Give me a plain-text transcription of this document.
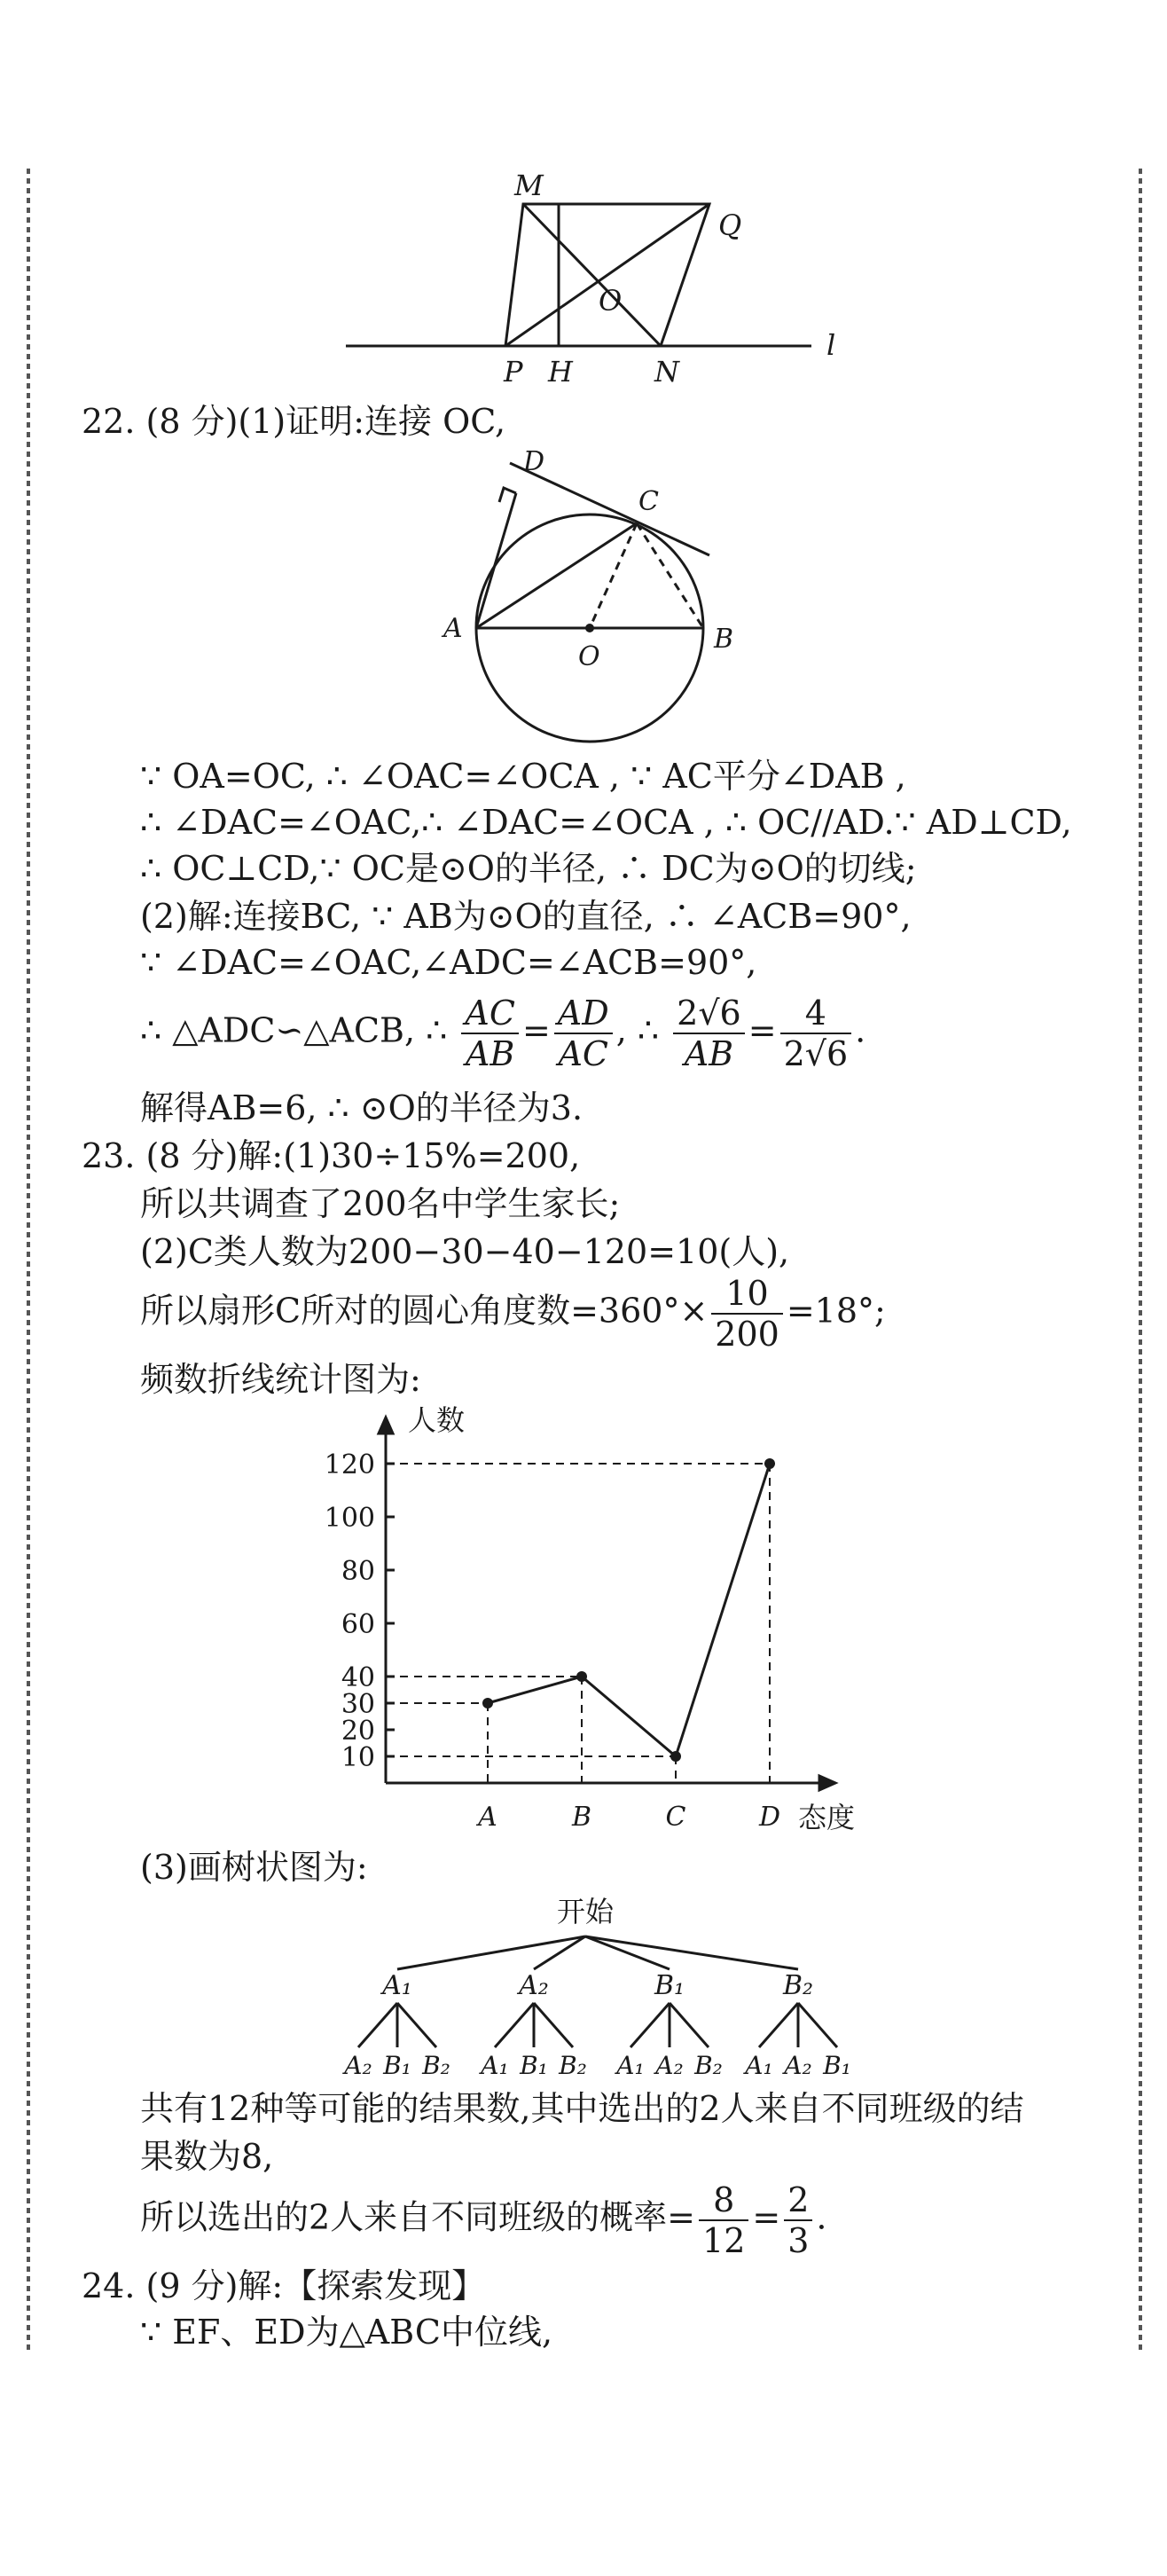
M
Q
O
P H	N
l
22. (8 分)(1)证明:连接 OC,
D
C
A
O
B
∵ OA=OC, ∴ ∠OAC=∠OCA , ∵ AC平分∠DAB ,
∴ ∠DAC=∠OAC,∴ ∠DAC=∠OCA , ∴ OC//AD.∵ AD⊥CD,
∴ OC⊥CD,∵ OC是⊙O的半径, ∴ DC为⊙O的切线;
(2)解:连接BC, ∵ AB为⊙O的直径, ∴ ∠ACB=90°,
∵ ∠DAC=∠OAC,∠ADC=∠ACB=90°,
∴ △ADC∽△ACB, ∴ $\frac{AC}{AB} = \frac{AD}{AC}$ , ∴ $\frac{2√6}{AB} = \frac{4}{2√6}$ .
解得AB=6, ∴ ⊙O的半径为3.
23. (8 分)解:(1)30÷15%=200,
所以共调查了200名中学生家长;
(2)C类人数为200−30−40−120=10(人),
所以扇形C所对的圆心角度数$=360^\circ\times \frac{10}{200} =18^\circ$;
频数折线统计图为:
人数
态度
10
20
30
40
60
80
100
120
A	B	C	D
(3)画树状图为:
开始
A₁
A₂ B₁ B₂
A₂
A₁ B₁ B₂
B₁
A₁ A₂ B₂
B₂
A₁ A₂ B₁
共有12种等可能的结果数,其中选出的2人来自不同班级的结
果数为8,
所以选出的2人来自不同班级的概率= $\frac{8}{12} = \frac{2}{3}$ .
24. (9 分)解:【探索发现】
∵ EF、ED为△ABC中位线,
